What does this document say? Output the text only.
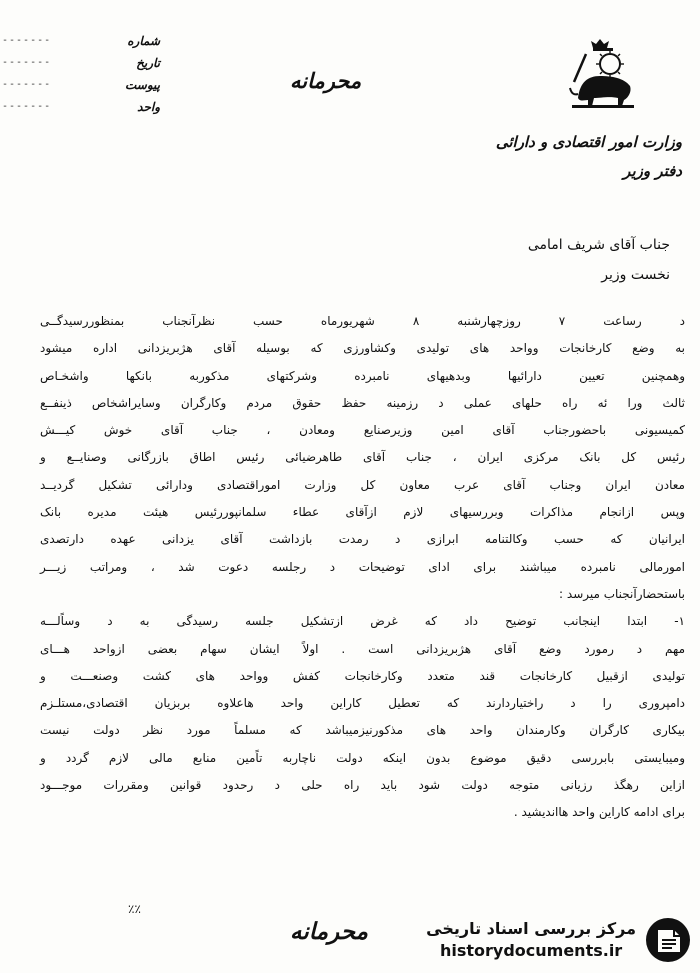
-------
-------
-------
-------
شماره
تاریخ
پیوست
واحد
محرمانه
وزارت امور اقتصادی و دارائی
دفتر وزیر
جناب آقای شریف امامی
نخست وزیر

د رساعت ۷ روزچهارشنبه ۸ شهریورماه حسب نظرآنجناب بمنظوررسیدگــی

به وضع کارخانجات وواحد های تولیدی وکشاورزی که بوسیله آقای هژبریزدانی اداره میشود

وهمچنین تعیین دارائیها وبدهیهای نامبرده وشرکتهای مذکوربه بانکها واشخـاص

ثالث ورا ئه راه حلهای عملی د رزمینه حفظ حقوق مردم وکارگران وسایراشخاص ذینفــع

کمیسیونی باحضورجناب آقای امین وزیرصنایع ومعادن ، جناب آقای خوش کیـــش

رئیس کل بانک مرکزی ایران ، جناب آقای طاهرضیائی رئیس اطاق بازرگانی وصنایــع و

معادن ایران وجناب آقای عرب معاون کل وزارت اموراقتصادی ودارائی تشکیل گردیــد

وپس ازانجام مذاکرات وبررسیهای لازم ازآقای عطاء سلمانپوررئیس هیئت مدیره بانک

ایرانیان که حسب وکالتنامه ابرازی د رمدت بازداشت آقای یزدانی عهده دارتصدی

امورمالی نامبرده میباشند برای ادای توضیحات د رجلسه دعوت شد ، ومراتب زیـــر

باستحضارآنجناب میرسد :

۱- ابتدا اینجانب توضیح داد که غرض ازتشکیل جلسه رسیدگی به د وساًلـــه

مهم د رمورد وضع آقای هژبریزدانی است . اولاً ایشان سهام بعضی ازواحد هـــای

تولیدی ازقبیل کارخانجات قند متعدد وکارخانجات کفش وواحد های کشت وصنعـــت و

دامپروری را د راختیاردارند که تعطیل کاراین واحد هاعلاوه بربزیان اقتصادی،مستلـزم

بیکاری کارگران وکارمندان واحد های مذکورنیزمیباشد که مسلماً مورد نظر دولت نیست

ومیبایستی بابررسی دقیق موضوع بدون اینکه دولت ناچاربه تاًمین منابع مالی لازم گردد و

ازاین رهگذ رزیانی متوجه دولت شود باید راه حلی د رحدود قوانین ومقررات موجـــود

برای ادامه کاراین واحد هااندیشید .

٪٪
محرمانه	مرکز بررسی اسناد تاریخی
historydocuments.ir
